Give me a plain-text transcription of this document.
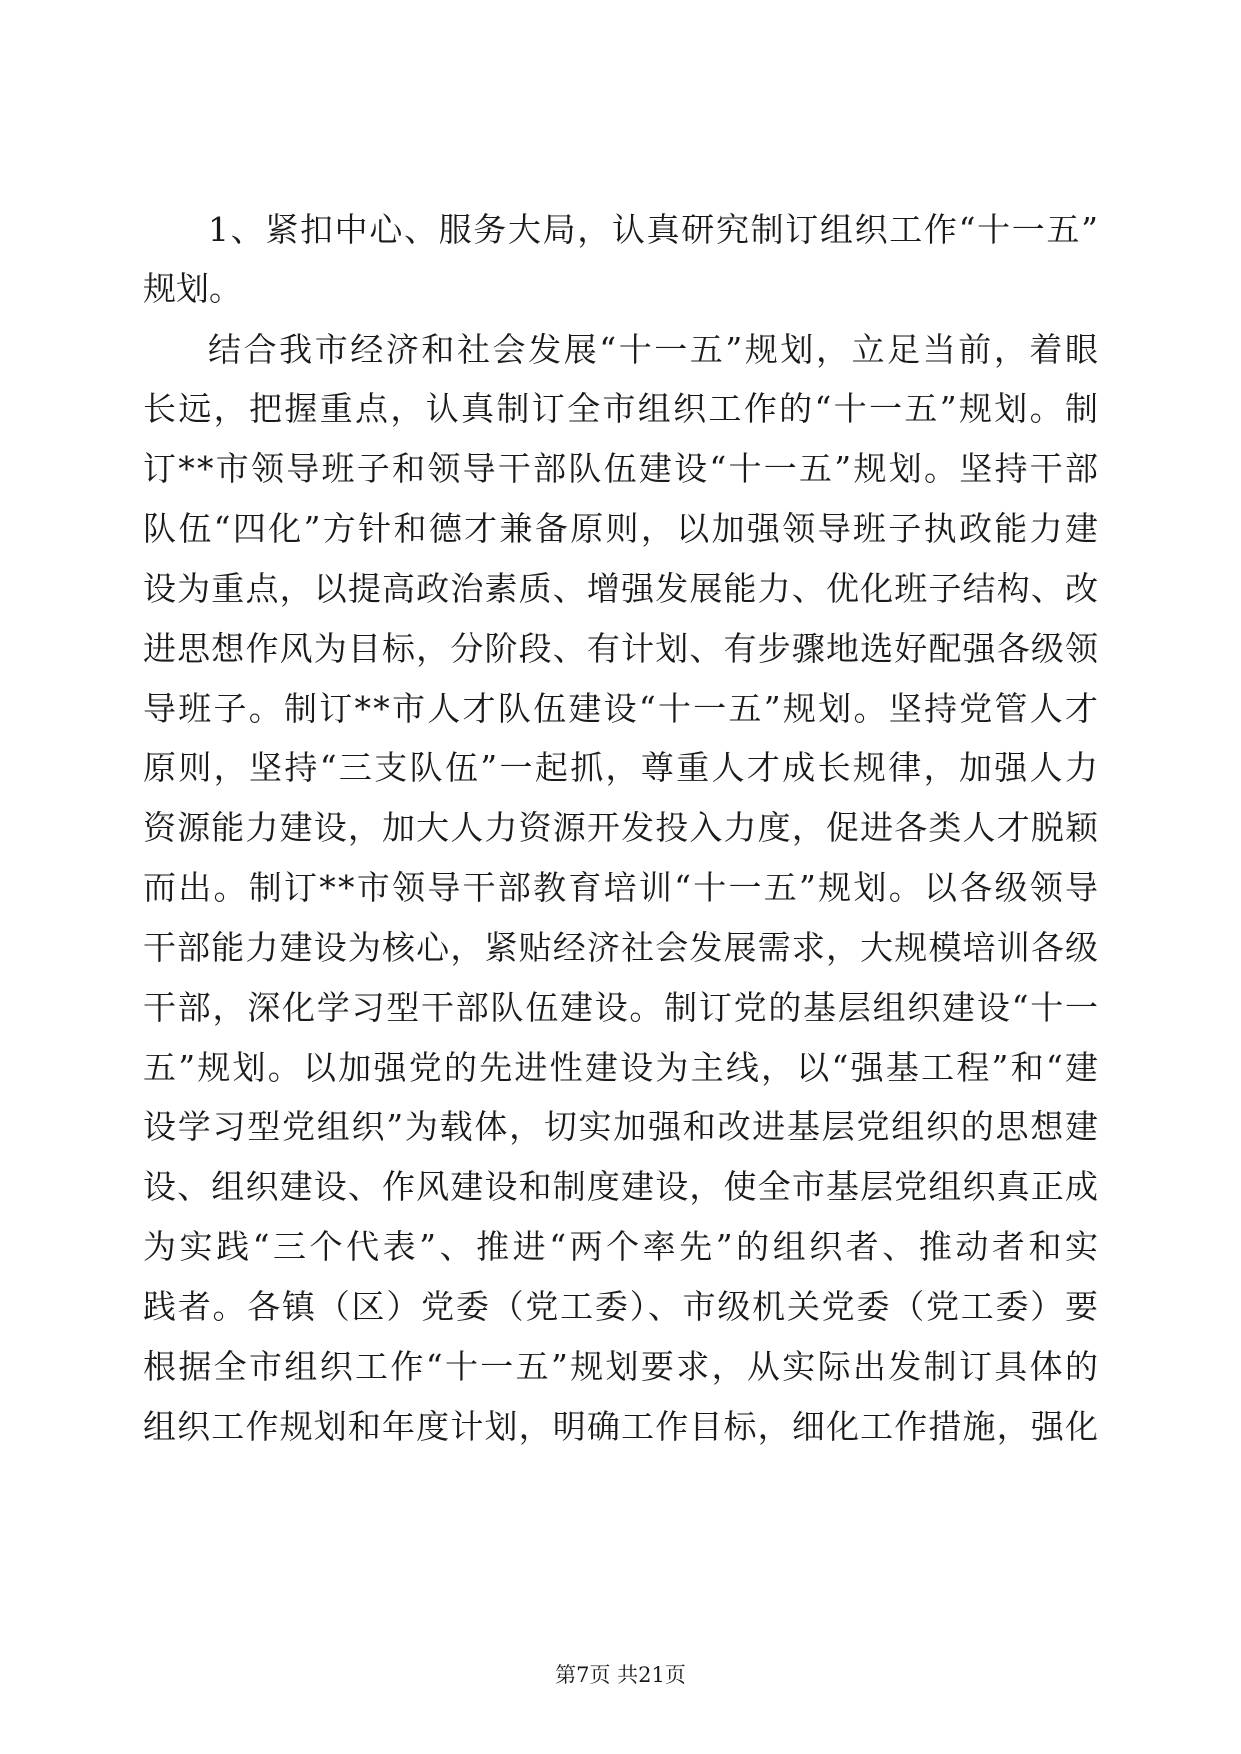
1、紧扣中心、服务大局，认真研究制订组织工作“十一五”
规划。
结合我市经济和社会发展“十一五”规划，立足当前，着眼
长远，把握重点，认真制订全市组织工作的“十一五”规划。制
订**市领导班子和领导干部队伍建设“十一五”规划。坚持干部
队伍“四化”方针和德才兼备原则，以加强领导班子执政能力建
设为重点，以提高政治素质、增强发展能力、优化班子结构、改
进思想作风为目标，分阶段、有计划、有步骤地选好配强各级领
导班子。制订**市人才队伍建设“十一五”规划。坚持党管人才
原则，坚持“三支队伍”一起抓，尊重人才成长规律，加强人力
资源能力建设，加大人力资源开发投入力度，促进各类人才脱颖
而出。制订**市领导干部教育培训“十一五”规划。以各级领导
干部能力建设为核心，紧贴经济社会发展需求，大规模培训各级
干部，深化学习型干部队伍建设。制订党的基层组织建设“十一
五”规划。以加强党的先进性建设为主线，以“强基工程”和“建
设学习型党组织”为载体，切实加强和改进基层党组织的思想建
设、组织建设、作风建设和制度建设，使全市基层党组织真正成
为实践“三个代表”、推进“两个率先”的组织者、推动者和实
践者。各镇（区）党委（党工委）、市级机关党委（党工委）要
根据全市组织工作“十一五”规划要求，从实际出发制订具体的
组织工作规划和年度计划，明确工作目标，细化工作措施，强化
第7页 共21页
